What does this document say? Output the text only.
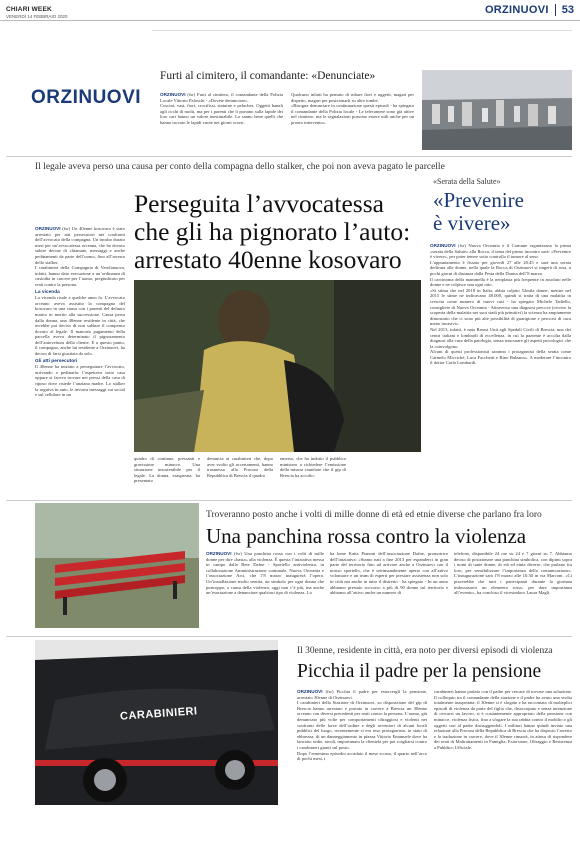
CHIARI WEEK
VENERDÌ 14 FEBBRAIO 2020
ORZINUOVI 53
ORZINUOVI
Furti al cimitero, il comandante: «Denunciate»
ORZINUOVI (fsr) Furti al cimitero, il comandante della Polizia Locale Vittorio Paloschi - «Dovete denunciare».
Coscini, vasi, fiori, crocifissi, statuine e peluches. Oggetti banali agli occhi di molti, ma per i parenti che li portano sulla lapide dei loro cari hanno un valore inestimabile. Lo sanno bene quelli che hanno trovato le lapidi vuote nei giorni scorsi.
Qualcuno infatti ha pensato di rubare fiori e oggetti, magari per dispetto, magari per posizionarli su altre tombe.
«Bisogna denunciare in continuazione questi episodi - ha spiegato il comandante della Polizia locale - Le telecamere sono già attive nel cimitero, ma le segnalazioni possono essere utili anche per un pronto intervento».
Il legale aveva perso una causa per conto della compagna dello stalker, che poi non aveva pagato le parcelle
Perseguita l’avvocatessa
che gli ha pignorato l’auto:
arrestato 40enne kosovaro
ORZINUOVI (fsr) Un 40enne kosovaro è stato arrestato per atti persecutori nei confronti dell’avvocato della compagna. Un incubo durato mesi per un’avvocatessa orceana, che ha dovuto subire decine di chiamate, messaggi e anche pedinamenti da parte dell’uomo, fino all’arresto dello stalker.
I carabinieri della Compagnia di Verolanuova, infatti, hanno dato esecuzione a un’ordinanza di custodia in carcere per l’uomo, pregiudicato per reati contro la persona.

La vicenda
La vicenda risale a qualche anno fa. L’avvocato orceano aveva assistito la compagna del kosovaro in una causa con i parenti del defunto marito in merito alla successione. Causa persa dalla donna, una 48enne residente in città, che avrebbe poi deciso di non saldare il compenso dovuto al legale. Il mancato pagamento della parcella aveva determinato il pignoramento dell’autovettura della cliente. E a questo punto, il compagno, anche lui residente a Orzinuovi, ha deciso di farsi giustizia da solo.

Gli atti persecutori
Il 40enne ha iniziato a perseguitare l’avvocato, arrivando a pedinarla: l’aspettava sotto casa oppure si faceva trovare nei pressi della casa di riposo dove risiede l’anziana madre. Lo stalker la seguiva in auto, le inviava messaggi sui social e sul cellulare in un
quadro di continue, pressanti e gravissime minacce. Una situazione insostenibile per il legale. La donna, esasperata, ha presentato
denuncia ai carabinieri che, dopo aver svolto gli accertamenti, hanno trasmesso alla Procura della Repubblica di Brescia il quadro
emerso, che ha indotto il pubblico ministero a richiedere l’emissione della misura cautelare che il gip di Brescia ha accolto.
«Serata della Salute»
«Prevenire
è vivere»
ORZINUOVI (fsr) Nuova Orceania e il Comune organizzano la prima «serata della Salute» alla Rocca, il tema del primo incontro sarà: «Prevenire è vivere», per poter tenere sotto controllo il tumore al seno.
L’appuntamento è fissato per giovedì 27 alle 20.45 e sarà una serata dedicata alle donne, nella quale la Rocca di Orzinuovi si tingerà di rosa, a pochi giorni di distanza dalla Festa della Donna dell’8 marzo.
Il carcinoma della mammella è la neoplasia più frequente in assoluto nelle donne e ne colpisce una ogni otto.
«Si stima che nel 2018 in Italia, abbia colpito 52mila donne, mentre nel 2015 le stime ne indicavano 48.000, quindi si tratta di una malattia in crescita come numero di nuovi casi - ha spiegato Michele Tadiello, consigliere di Nuova Orceania - Attraverso una diagnosi precoce (ovvero la scoperta della malattia nei suoi stadi più primitivi) la scienza ha ampiamente dimostrato che ci sono più alte possibilità di guarigione e percorsi di cura meno invasivi».
Nel 2013, infatti, è nata Breast Unit agli Spedali Civili di Brescia, uno dei centri italiani e lombardi di eccellenza, in cui la paziente è accolta dalla diagnosi alla cura della patologia, senza trascurare gli aspetti psicologici che la coinvolgono.
Alcuni di questi professionisti saranno i protagonisti della serata come Carmelo Micciché, Luca Facchetti e Rino Balzano». A moderare l’incontro il dottor Carlo Lombardi.
Troveranno posto anche i volti di mille donne di età ed etnie diverse che parlano fra loro
Una panchina rossa contro la violenza
ORZINUOVI (fsr) Una panchina rossa con i volti di mille donne per dire «basta» alla violenza. È questa l’iniziativa messa in campo dalla Rete Dafne - Sportello antiviolenza, in collaborazione Amministrazione comunale, Nuova Orceania e l’associazione Arci, che l’8 marzo inaugurerà l’opera. Un’installazione molto sentita, un simbolo per ogni donna che purtroppo, a causa della violenza, oggi non c’è più, ma anche un’esortazione a denunciare qualsiasi tipo di violenza. Lo
ha bene Katia Pianoni dell’associazione Dafne, promotrice dell’iniziativa: «Siamo nati a fine 2013 per espanderci in gran parte del territorio fino ad arrivare anche a Orzinuovi con il nostro sportello, che è settimanalmente aperto con all’attivo volontarie e un team di esperti per prestare assistenza non solo in città ma anche in tutto il distretto - ha spiegato - In un anno abbiamo prestato soccorso a più di 90 donne sul territorio e abbiamo all’attivo anche un numero di
telefono, disponibile 24 ore su 24 e 7 giorni su 7. Abbiamo deciso di posizionare una panchina simbolica, con dipinti sopra i nomi di tante donne, di età ed etnia diverse, che parlano fra loro, per sensibilizzare l’importanza della comunicazione». L’inaugurazione sarà l’8 marzo alle 10.30 in via Marconi. «Ci piacerebbe che tutti i partecipanti durante la giornata indossassero un elemento rosso, per dare importanza all’evento», ha concluso il vicesindaco Laura Magli.
CARABINIERI
Il 30enne, residente in città, era noto per diversi episodi di violenza
Picchia il padre per la pensione
ORZINUOVI (fsr) Picchia il padre per estorcergli la pensione, arrestato 30enne di Orzinuovi.
I carabinieri della Stazione di Orzinuovi, su disposizione del gip di Brescia hanno arrestato e portato in carcere a Brescia un 30enne orceano con diversi precedenti per reati contro la persona. L’uomo, già denunciato più volte per comportamenti oltraggiosi e violenti nei confronti delle forze dell’ordine e degli avventori di alcuni locali pubblici del luogo, recentemente si era reso protagonista, in stato di ebbrezza, di un danneggiamento in piazza Vittorio Emanuele dove ha lanciato sedie, tavoli, importunato la clientela per poi scagliarsi contro i carabinieri giunti sul posto.
Dopo l’ennesimo episodio accaduto il mese scorso, il quarto nell’arco di pochi mesi, i
carabinieri hanno parlato con il padre per cercare di trovare una soluzione. Il colloquio tra il comandante della stazione e il padre ha avuto una svolta totalmente inaspettata: il 30enne si è sfogato e ha raccontato di molteplici episodi di violenza da parte del figlio che, disoccupato e senza intenzione di cercarsi un lavoro, si è costantemente appropriato della pensione con minacce, violenza fisica, fino a sfogare la sua rabbia contro il mobilio o gli oggetti cari al padre distruggendoli. I militari hanno quindi inviato una relazione alla Procura della Repubblica di Brescia che ha disposto l’arresto e la traduzione in carcere, dove il 30enne rimarrà, in attesa di rispondere dei reati di Maltrattamenti in Famiglia, Estorsione, Oltraggio e Resistenza a Pubblico Ufficiale.
